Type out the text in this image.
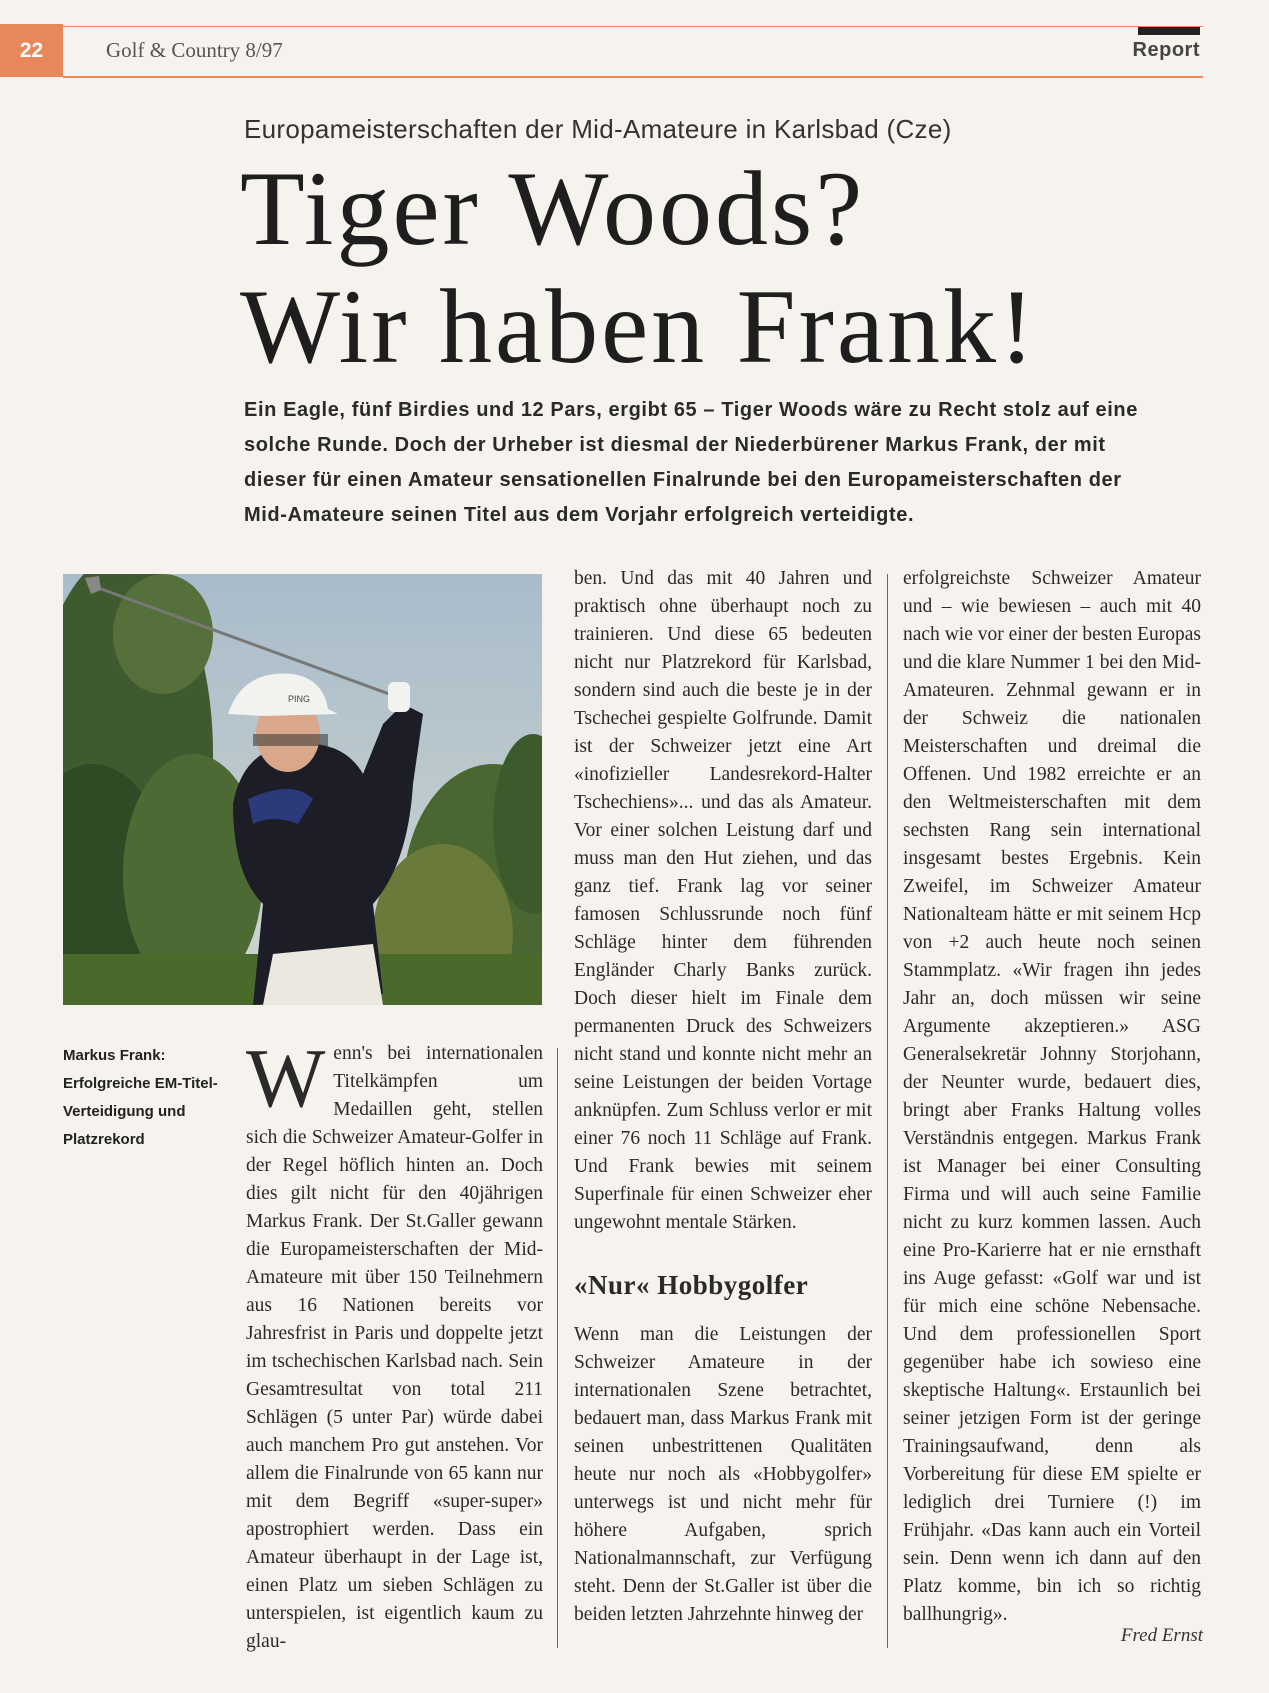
22	Golf & Country 8/97	Report
Europameisterschaften der Mid-Amateure in Karlsbad (Cze)
Tiger Woods?
Wir haben Frank!
Ein Eagle, fünf Birdies und 12 Pars, ergibt 65 – Tiger Woods wäre zu Recht stolz auf eine solche Runde. Doch der Urheber ist diesmal der Niederbürener Markus Frank, der mit dieser für einen Amateur sensationellen Finalrunde bei den Europameisterschaften der Mid-Amateure seinen Titel aus dem Vorjahr erfolgreich verteidigte.
PING
Markus Frank: Erfolgreiche EM-Titel-Verteidigung und Platzrekord
W enn's bei internationalen Titelkämpfen um Medaillen geht, stellen sich die Schweizer Amateur-Golfer in der Regel höflich hinten an. Doch dies gilt nicht für den 40jährigen Markus Frank. Der St.Galler gewann die Europameisterschaften der Mid-Amateure mit über 150 Teilnehmern aus 16 Nationen bereits vor Jahresfrist in Paris und doppelte jetzt im tschechischen Karlsbad nach. Sein Gesamtresultat von total 211 Schlägen (5 unter Par) würde dabei auch manchem Pro gut anstehen. Vor allem die Finalrunde von 65 kann nur mit dem Begriff «super-super» apostrophiert werden. Dass ein Amateur überhaupt in der Lage ist, einen Platz um sieben Schlägen zu unterspielen, ist eigentlich kaum zu glau-

ben. Und das mit 40 Jahren und praktisch ohne überhaupt noch zu trainieren. Und diese 65 bedeuten nicht nur Platzrekord für Karlsbad, sondern sind auch die beste je in der Tschechei gespielte Golfrunde. Damit ist der Schweizer jetzt eine Art «inofizieller Landesrekord-Halter Tschechiens»... und das als Amateur. Vor einer solchen Leistung darf und muss man den Hut ziehen, und das ganz tief. Frank lag vor seiner famosen Schlussrunde noch fünf Schläge hinter dem führenden Engländer Charly Banks zurück. Doch dieser hielt im Finale dem permanenten Druck des Schweizers nicht stand und konnte nicht mehr an seine Leistungen der beiden Vortage anknüpfen. Zum Schluss verlor er mit einer 76 noch 11 Schläge auf Frank. Und Frank bewies mit seinem Superfinale für einen Schweizer eher ungewohnt mentale Stärken.

«Nur« Hobbygolfer

Wenn man die Leistungen der Schweizer Amateure in der internationalen Szene betrachtet, bedauert man, dass Markus Frank mit seinen unbestrittenen Qualitäten heute nur noch als «Hobbygolfer» unterwegs ist und nicht mehr für höhere Aufgaben, sprich Nationalmannschaft, zur Verfügung steht. Denn der St.Galler ist über die beiden letzten Jahrzehnte hinweg der

erfolgreichste Schweizer Amateur und – wie bewiesen – auch mit 40 nach wie vor einer der besten Europas und die klare Nummer 1 bei den Mid-Amateuren. Zehnmal gewann er in der Schweiz die nationalen Meisterschaften und dreimal die Offenen. Und 1982 erreichte er an den Weltmeisterschaften mit dem sechsten Rang sein international insgesamt bestes Ergebnis. Kein Zweifel, im Schweizer Amateur Nationalteam hätte er mit seinem Hcp von +2 auch heute noch seinen Stammplatz. «Wir fragen ihn jedes Jahr an, doch müssen wir seine Argumente akzeptieren.» ASG Generalsekretär Johnny Storjohann, der Neunter wurde, bedauert dies, bringt aber Franks Haltung volles Verständnis entgegen. Markus Frank ist Manager bei einer Consulting Firma und will auch seine Familie nicht zu kurz kommen lassen. Auch eine Pro-Karierre hat er nie ernsthaft ins Auge gefasst: «Golf war und ist für mich eine schöne Nebensache. Und dem professionellen Sport gegenüber habe ich sowieso eine skeptische Haltung«. Erstaunlich bei seiner jetzigen Form ist der geringe Trainingsaufwand, denn als Vorbereitung für diese EM spielte er lediglich drei Turniere (!) im Frühjahr. «Das kann auch ein Vorteil sein. Denn wenn ich dann auf den Platz komme, bin ich so richtig ballhungrig».

Fred Ernst
